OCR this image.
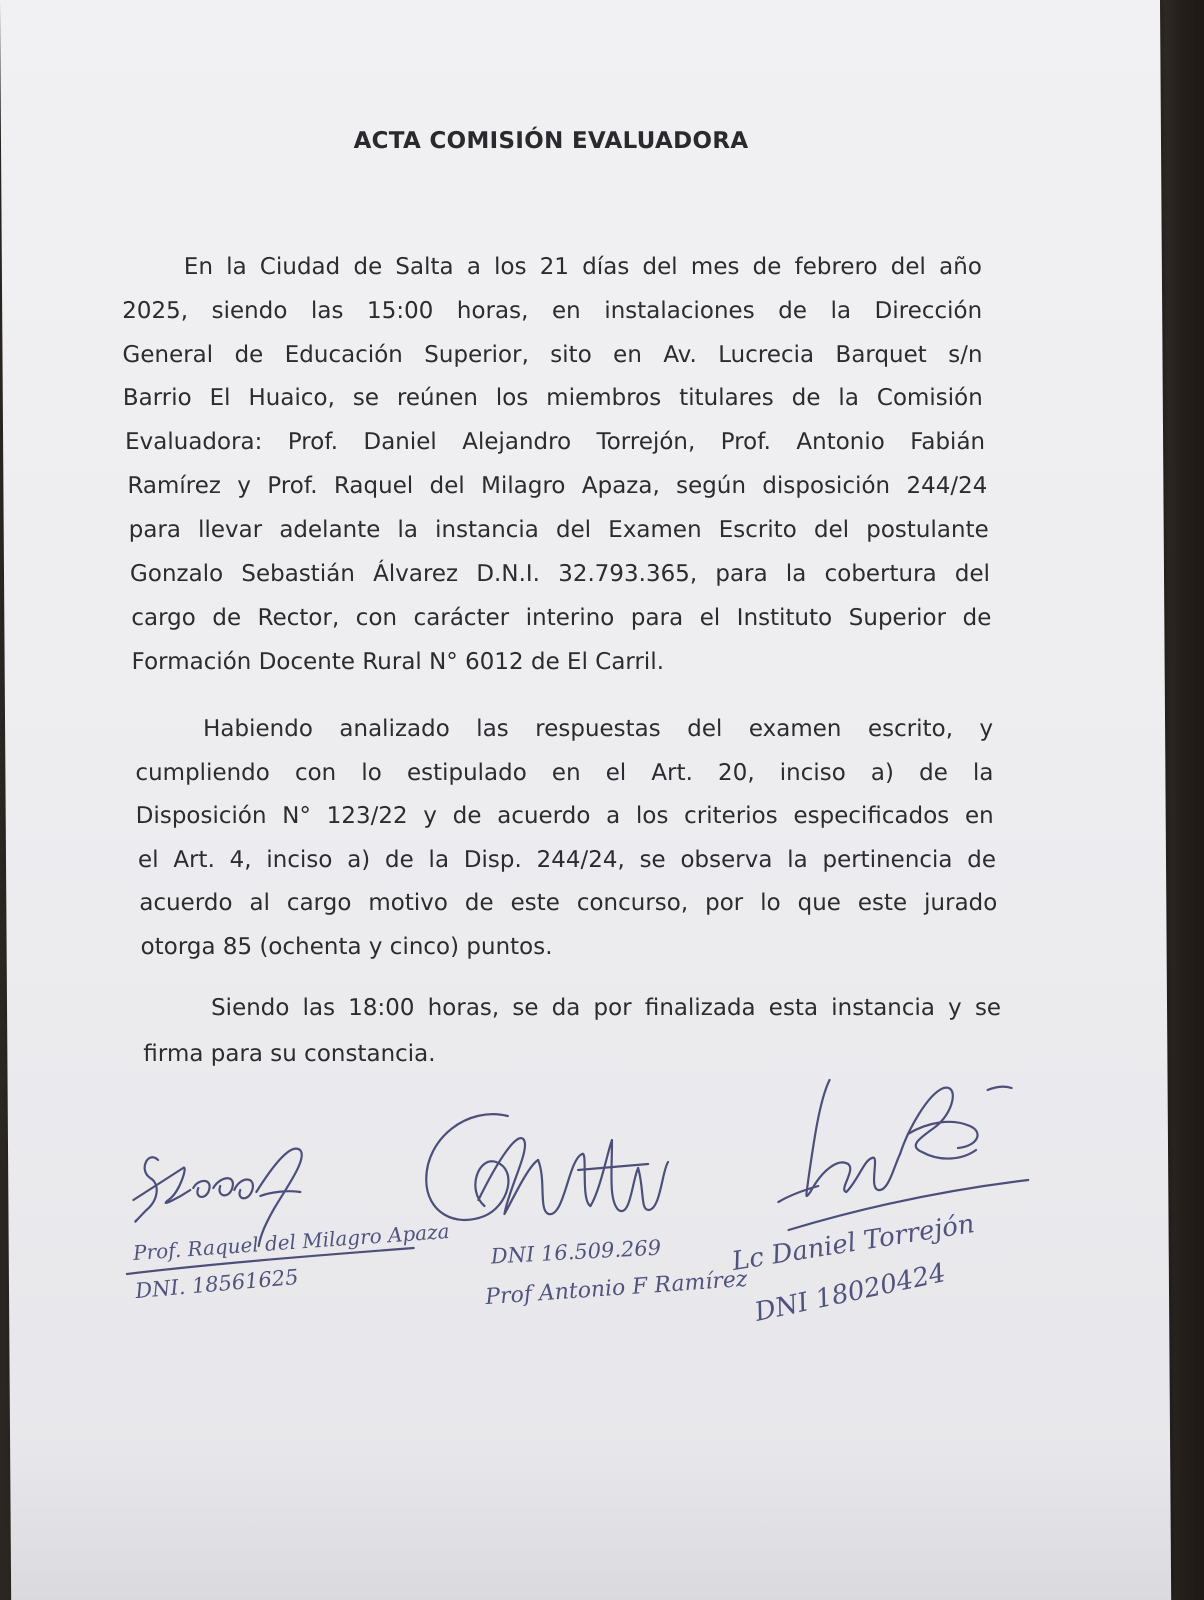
ACTA COMISIÓN EVALUADORA
En la Ciudad de Salta a los 21 días del mes de febrero del año
2025, siendo las 15:00 horas, en instalaciones de la Dirección
General de Educación Superior, sito en Av. Lucrecia Barquet s/n
Barrio El Huaico, se reúnen los miembros titulares de la Comisión
Evaluadora: Prof. Daniel Alejandro Torrejón, Prof. Antonio Fabián
Ramírez y Prof. Raquel del Milagro Apaza, según disposición 244/24
para llevar adelante la instancia del Examen Escrito del postulante
Gonzalo Sebastián Álvarez D.N.I. 32.793.365, para la cobertura del
cargo de Rector, con carácter interino para el Instituto Superior de
Formación Docente Rural N° 6012 de El Carril.
Habiendo analizado las respuestas del examen escrito, y
cumpliendo con lo estipulado en el Art. 20, inciso a) de la
Disposición N° 123/22 y de acuerdo a los criterios especificados en
el Art. 4, inciso a) de la Disp. 244/24, se observa la pertinencia de
acuerdo al cargo motivo de este concurso, por lo que este jurado
otorga 85 (ochenta y cinco) puntos.
Siendo las 18:00 horas, se da por finalizada esta instancia y se
firma para su constancia.
Prof. Raquel del Milagro Apaza
DNI. 18561625
DNI 16.509.269
Prof Antonio F Ramírez
Lc Daniel Torrejón
DNI 18020424
